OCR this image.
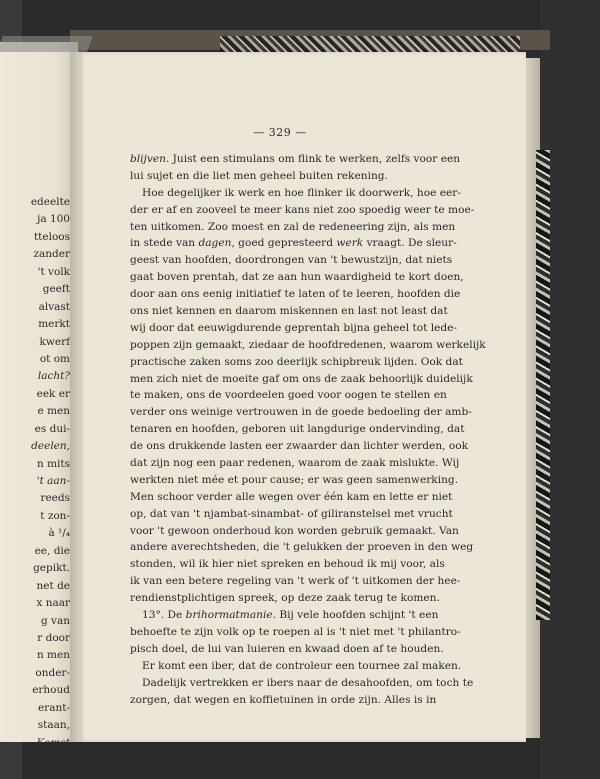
edeelte
ja 100
tteloos
zander
't volk
geeft
alvast
merkt
kwerf
ot om
lacht?
eek er
e men
es dui-
deelen,
n mits
't aan-
reeds
t zon-
à ¹/₄
ee, die
gepikt.
net de
x naar
g van
r door
n men
onder-
erhoud
erant-
staan,
Komst
hoond
— 329 —
blijven. Juist een stimulans om flink te werken, zelfs voor een
lui sujet en die liet men geheel buiten rekening.
Hoe degelijker ik werk en hoe flinker ik doorwerk, hoe eer-
der er af en zooveel te meer kans niet zoo spoedig weer te moe-
ten uitkomen. Zoo moest en zal de redeneering zijn, als men
in stede van dagen, goed gepresteerd werk vraagt. De sleur-
geest van hoofden, doordrongen van 't bewustzijn, dat niets
gaat boven prentah, dat ze aan hun waardigheid te kort doen,
door aan ons eenig initiatief te laten of te leeren, hoofden die
ons niet kennen en daarom miskennen en last not least dat
wij door dat eeuwigdurende geprentah bijna geheel tot lede-
poppen zijn gemaakt, ziedaar de hoofdredenen, waarom werkelijk
practische zaken soms zoo deerlijk schipbreuk lijden. Ook dat
men zich niet de moeite gaf om ons de zaak behoorlijk duidelijk
te maken, ons de voordeelen goed voor oogen te stellen en
verder ons weinige vertrouwen in de goede bedoeling der amb-
tenaren en hoofden, geboren uit langdurige ondervinding, dat
de ons drukkende lasten eer zwaarder dan lichter werden, ook
dat zijn nog een paar redenen, waarom de zaak mislukte. Wij
werkten niet mée et pour cause; er was geen samenwerking.
Men schoor verder alle wegen over één kam en lette er niet
op, dat van 't njambat-sinambat- of giliranstelsel met vrucht
voor 't gewoon onderhoud kon worden gebruik gemaakt. Van
andere averechtsheden, die 't gelukken der proeven in den weg
stonden, wil ik hier niet spreken en behoud ik mij voor, als
ik van een betere regeling van 't werk of 't uitkomen der hee-
rendienstplichtigen spreek, op deze zaak terug te komen.
13°. De brihormatmanie. Bij vele hoofden schijnt 't een
behoefte te zijn volk op te roepen al is 't niet met 't philantro-
pisch doel, de lui van luieren en kwaad doen af te houden.
Er komt een iber, dat de controleur een tournee zal maken.
Dadelijk vertrekken er ibers naar de desahoofden, om toch te
zorgen, dat wegen en koffietuinen in orde zijn. Alles is in
